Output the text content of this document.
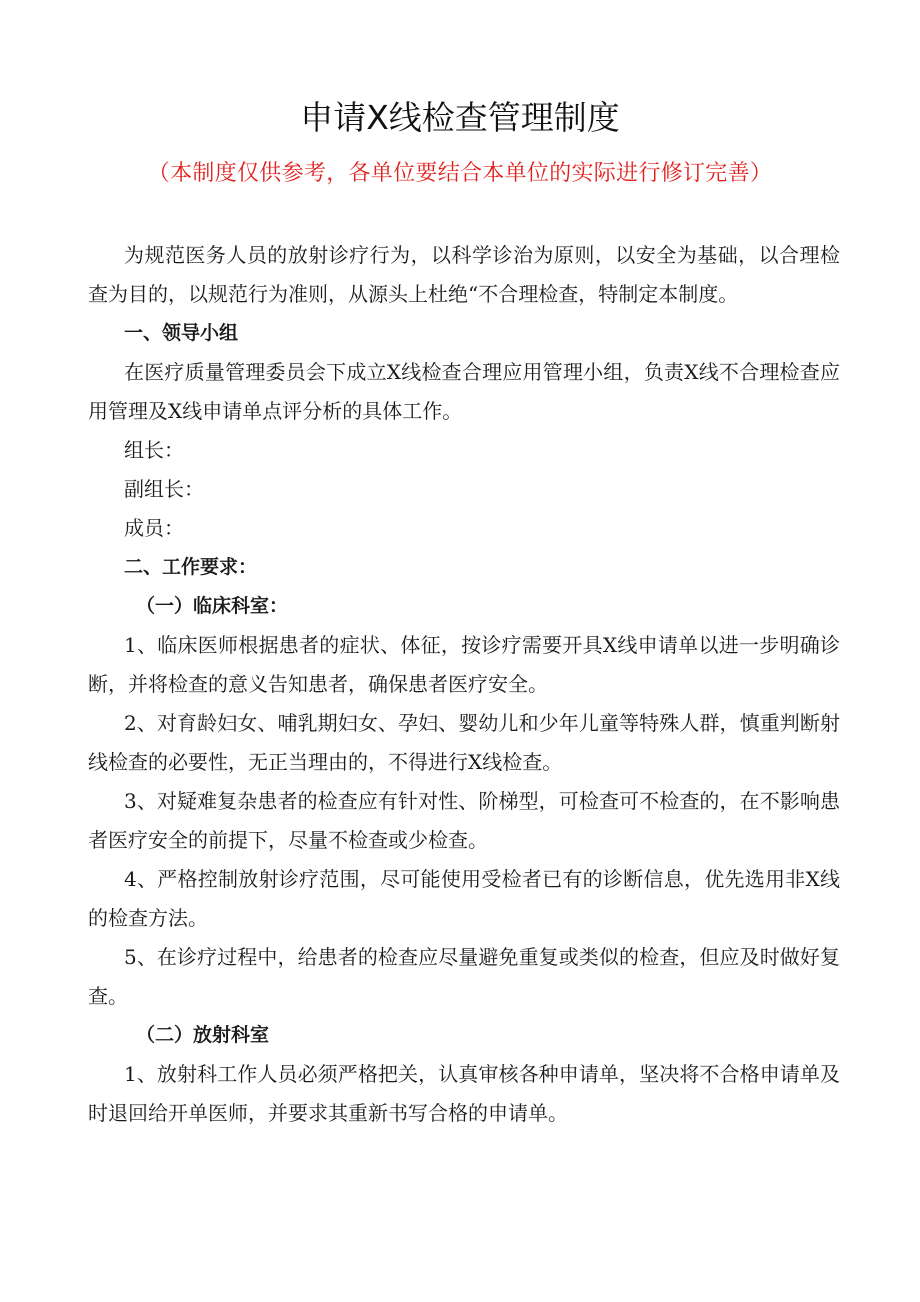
申请X线检查管理制度
（本制度仅供参考，各单位要结合本单位的实际进行修订完善）

为规范医务人员的放射诊疗行为，以科学诊治为原则，以安全为基础，以合理检查为目的，以规范行为准则，从源头上杜绝“不合理检查，特制定本制度。

一、领导小组

在医疗质量管理委员会下成立X线检查合理应用管理小组，负责X线不合理检查应用管理及X线申请单点评分析的具体工作。

组长：

副组长：

成员：

二、工作要求：

（一）临床科室：

1、临床医师根据患者的症状、体征，按诊疗需要开具X线申请单以进一步明确诊断，并将检查的意义告知患者，确保患者医疗安全。

2、对育龄妇女、哺乳期妇女、孕妇、婴幼儿和少年儿童等特殊人群，慎重判断射线检查的必要性，无正当理由的，不得进行X线检查。

3、对疑难复杂患者的检查应有针对性、阶梯型，可检查可不检查的，在不影响患者医疗安全的前提下，尽量不检查或少检查。

4、严格控制放射诊疗范围，尽可能使用受检者已有的诊断信息，优先选用非X线的检查方法。

5、在诊疗过程中，给患者的检查应尽量避免重复或类似的检查，但应及时做好复查。

（二）放射科室

1、放射科工作人员必须严格把关，认真审核各种申请单，坚决将不合格申请单及时退回给开单医师，并要求其重新书写合格的申请单。
